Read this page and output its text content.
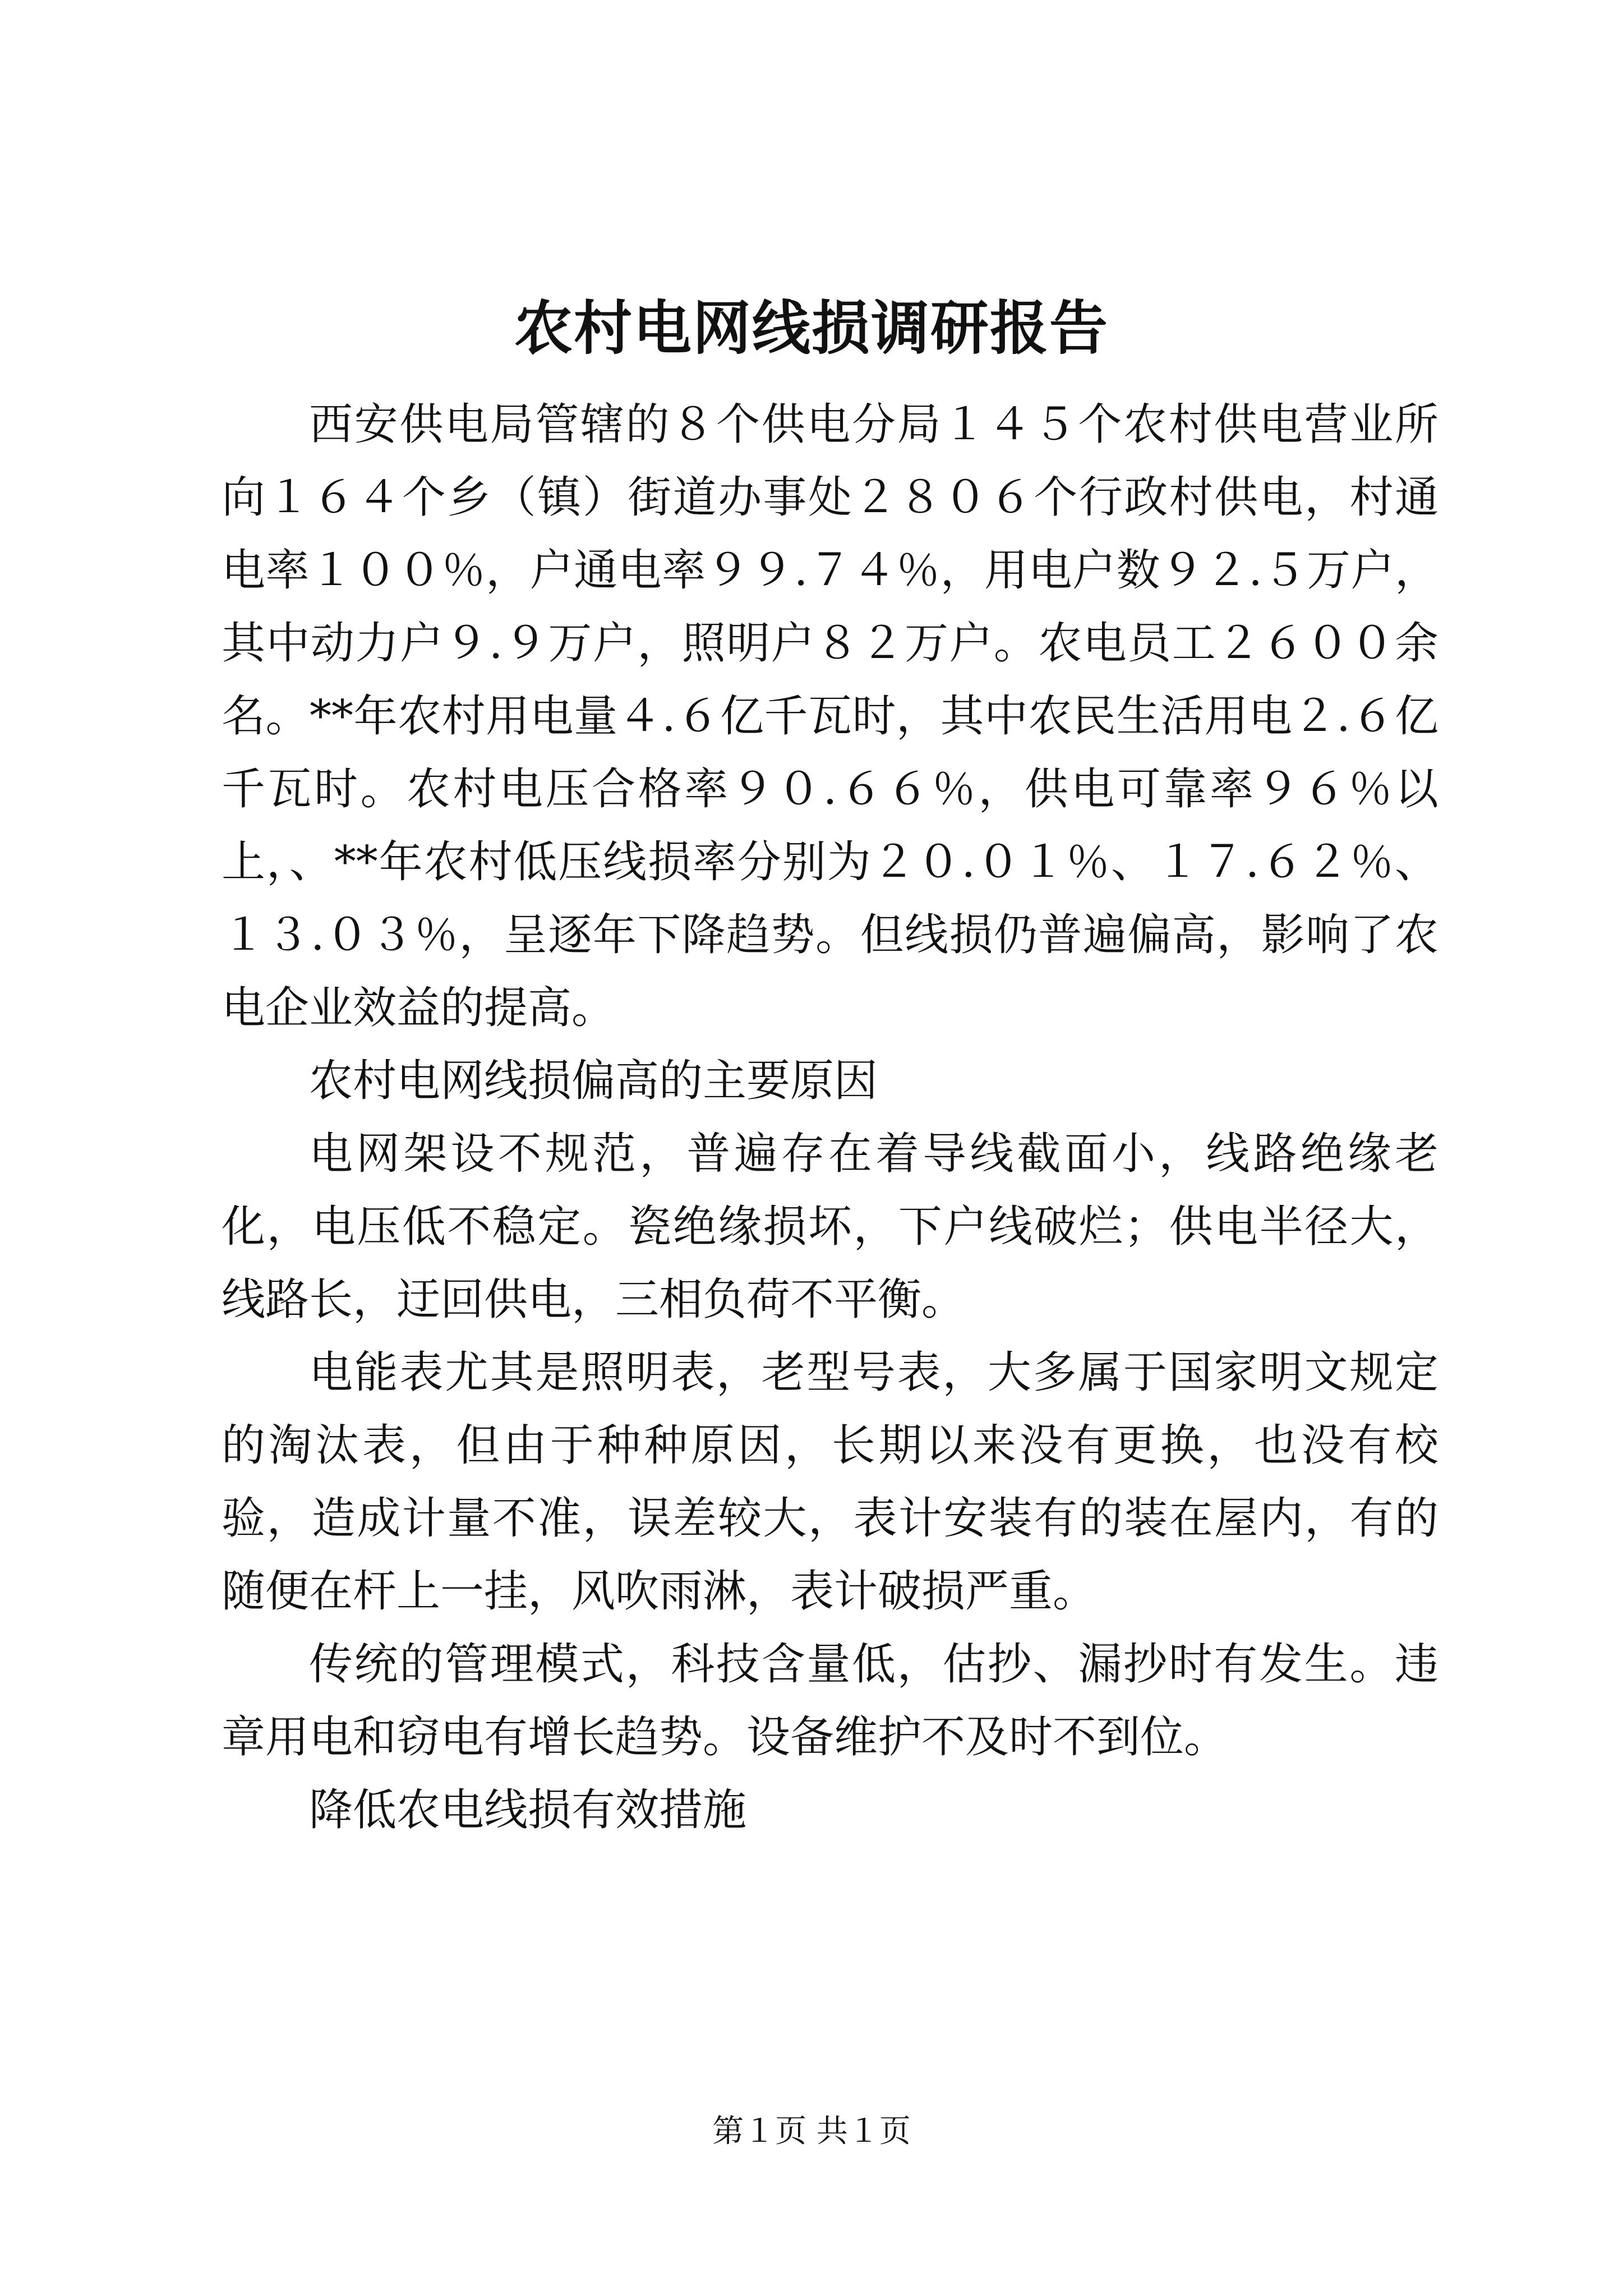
农村电网线损调研报告

西安供电局管辖的８个供电分局１４５个农村供电营业所向１６４个乡（镇）街道办事处２８０６个行政村供电，村通电率１００％，户通电率９９.７４％，用电户数９２.５万户，其中动力户９.９万户，照明户８２万户。农电员工２６００余名。**年农村用电量４.６亿千瓦时，其中农民生活用电２.６亿千瓦时。农村电压合格率９０.６６％，供电可靠率９６％以上，、**年农村低压线损率分别为２０.０１％、１７.６２％、１３.０３％，呈逐年下降趋势。但线损仍普遍偏高，影响了农电企业效益的提高。

农村电网线损偏高的主要原因

电网架设不规范，普遍存在着导线截面小，线路绝缘老化，电压低不稳定。瓷绝缘损坏，下户线破烂；供电半径大，线路长，迂回供电，三相负荷不平衡。

电能表尤其是照明表，老型号表，大多属于国家明文规定的淘汰表，但由于种种原因，长期以来没有更换，也没有校验，造成计量不准，误差较大，表计安装有的装在屋内，有的随便在杆上一挂，风吹雨淋，表计破损严重。

传统的管理模式，科技含量低，估抄、漏抄时有发生。违章用电和窃电有增长趋势。设备维护不及时不到位。

降低农电线损有效措施

第１页 共１页
